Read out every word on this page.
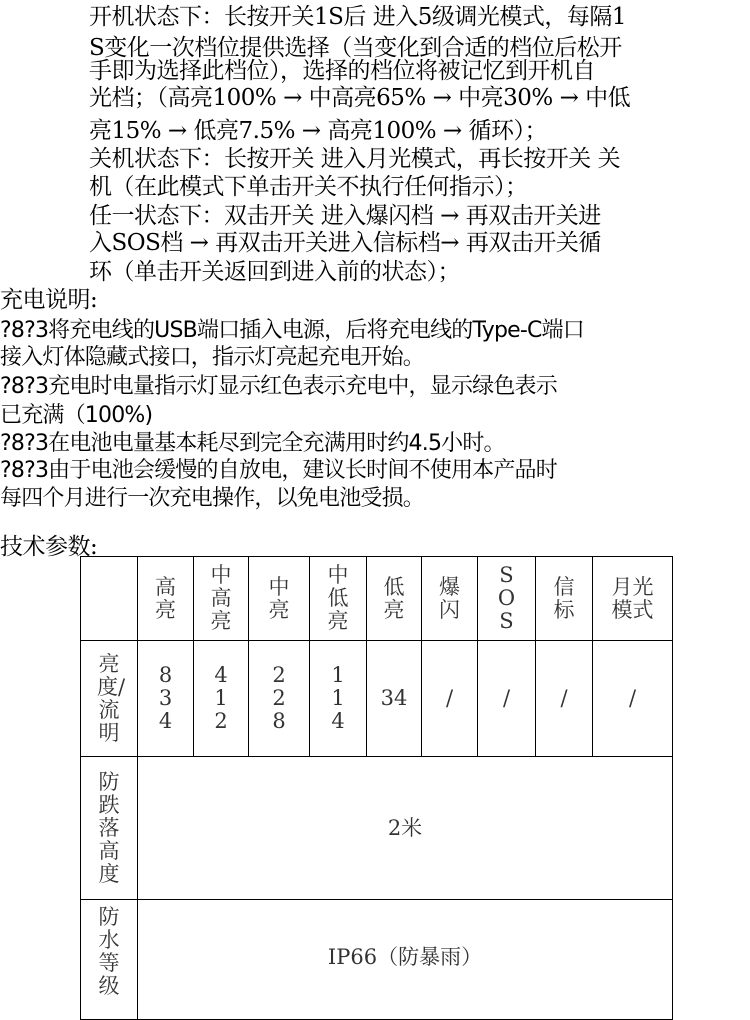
开机状态下：长按开关1S后 进入5级调光模式，每隔1
S变化一次档位提供选择（当变化到合适的档位后松开
手即为选择此档位），选择的档位将被记忆到开机自
光档；（高亮100% → 中高亮65% → 中亮30% → 中低
亮15% → 低亮7.5% → 高亮100% → 循环）；
关机状态下：长按开关 进入月光模式，再长按开关 关
机（在此模式下单击开关不执行任何指示）；
任一状态下：双击开关 进入爆闪档 → 再双击开关进
入SOS档 → 再双击开关进入信标档→ 再双击开关循
环（单击开关返回到进入前的状态）；
充电说明:
?8?3将充电线的USB端口插入电源，后将充电线的Type-C端口
接入灯体隐藏式接口，指示灯亮起充电开始。
?8?3充电时电量指示灯显示红色表示充电中，显示绿色表示
已充满（100%)
?8?3在电池电量基本耗尽到完全充满用时约4.5小时。
?8?3由于电池会缓慢的自放电，建议长时间不使用本产品时
每四个月进行一次充电操作，以免电池受损。
技术参数:

	高亮	中高亮	中亮	中低亮	低亮	爆闪	SOS	信标	月光模式

亮度/流明	834	412	228	114	34	/	/	/	/

防跌落高度	2米								

防水等级	IP66（防暴雨）								
